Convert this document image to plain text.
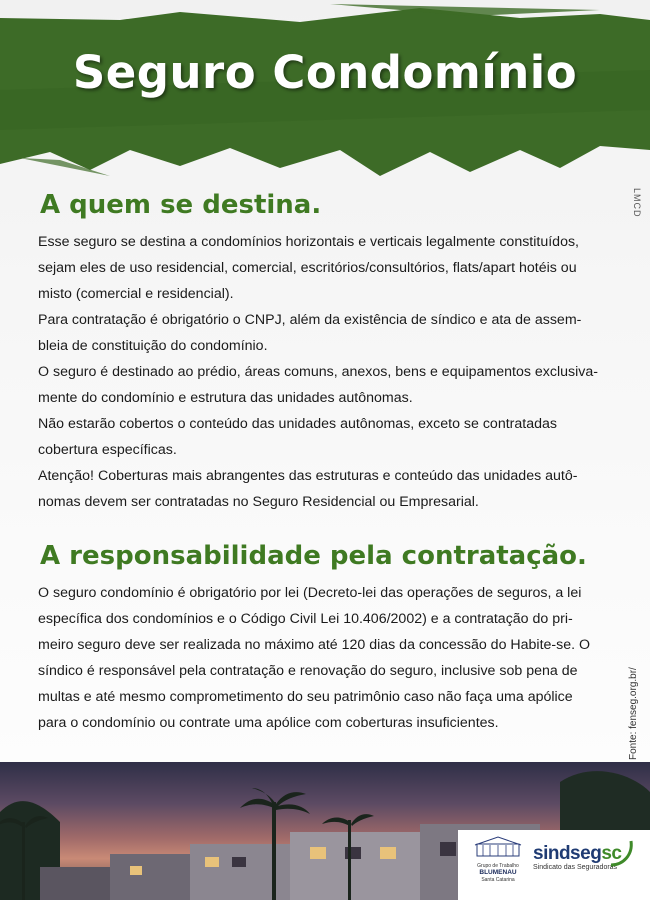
Seguro Condomínio
LMCD
A quem se destina.

Esse seguro se destina a condomínios horizontais e verticais legalmente constituídos,

sejam eles de uso residencial, comercial, escritórios/consultórios, flats/apart hotéis ou

misto (comercial e residencial).

Para contratação é obrigatório o CNPJ, além da existência de síndico e ata de assem-

bleia de constituição do condomínio.

O seguro é destinado ao prédio, áreas comuns, anexos, bens e equipamentos exclusiva-

mente do condomínio e estrutura das unidades autônomas.

Não estarão cobertos o conteúdo das unidades autônomas, exceto se contratadas

cobertura específicas.

Atenção! Coberturas mais abrangentes das estruturas e conteúdo das unidades autô-

nomas devem ser contratadas no Seguro Residencial ou Empresarial.

A responsabilidade pela contratação.

O seguro condomínio é obrigatório por lei (Decreto-lei das operações de seguros, a lei

específica dos condomínios e o Código Civil Lei 10.406/2002) e a contratação do pri-

meiro seguro deve ser realizada no máximo até 120 dias da concessão do Habite-se. O

síndico é responsável pela contratação e renovação do seguro, inclusive sob pena de

multas e até mesmo comprometimento do seu patrimônio caso não faça uma apólice

para o condomínio ou contrate uma apólice com coberturas insuficientes.	Fonte: fenseg.org.br/
Grupo de Trabalho
BLUMENAU
Santa Catarina
sindsegsc
Sindicato das Seguradoras
